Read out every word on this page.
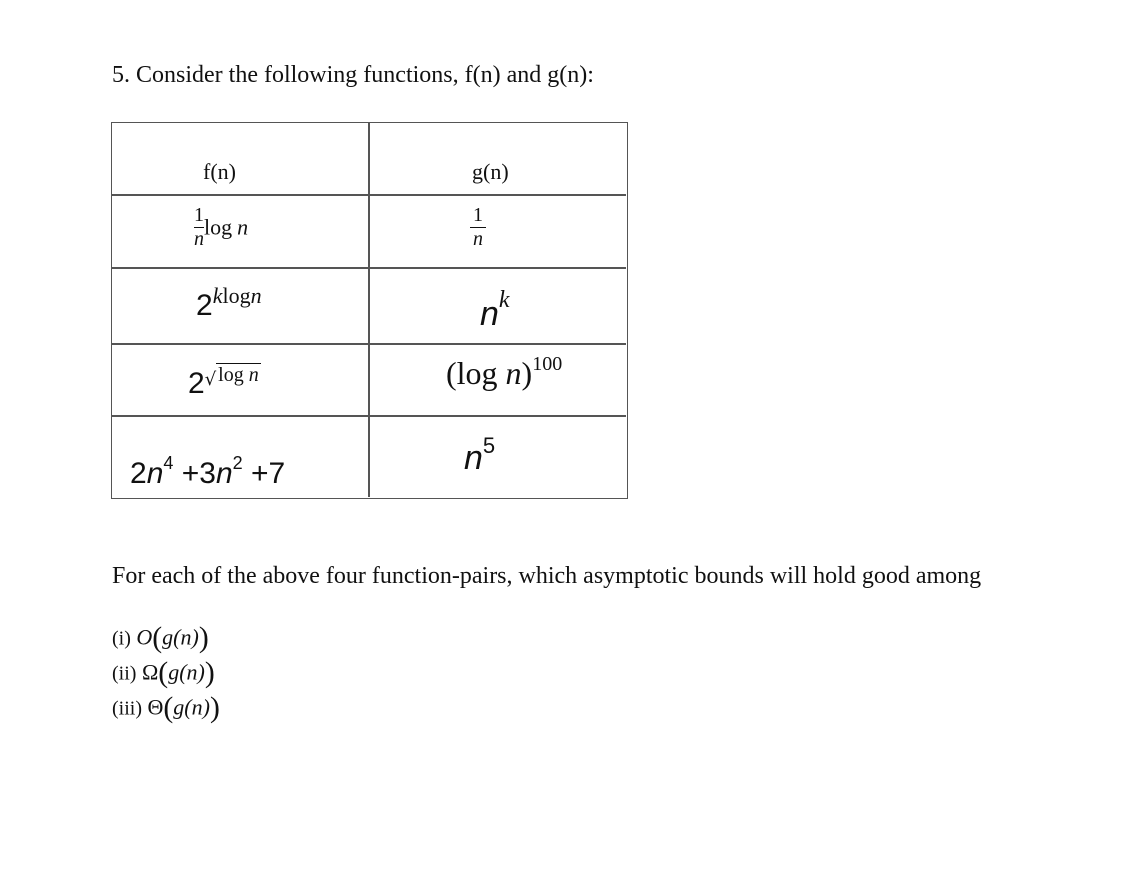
5. Consider the following functions, f(n) and g(n):
f(n)	g(n)
$\frac{1}{n}$ log n	$\frac{1}{n}$
2klogn	nk
2√ log n	(log n)$^{100}$
$2n^4 +3n^2 +7$	n5
For each of the above four function-pairs, which asymptotic bounds will hold good among
(i) O(g(n))
(ii) Ω(g(n))
(iii) Θ(g(n))
